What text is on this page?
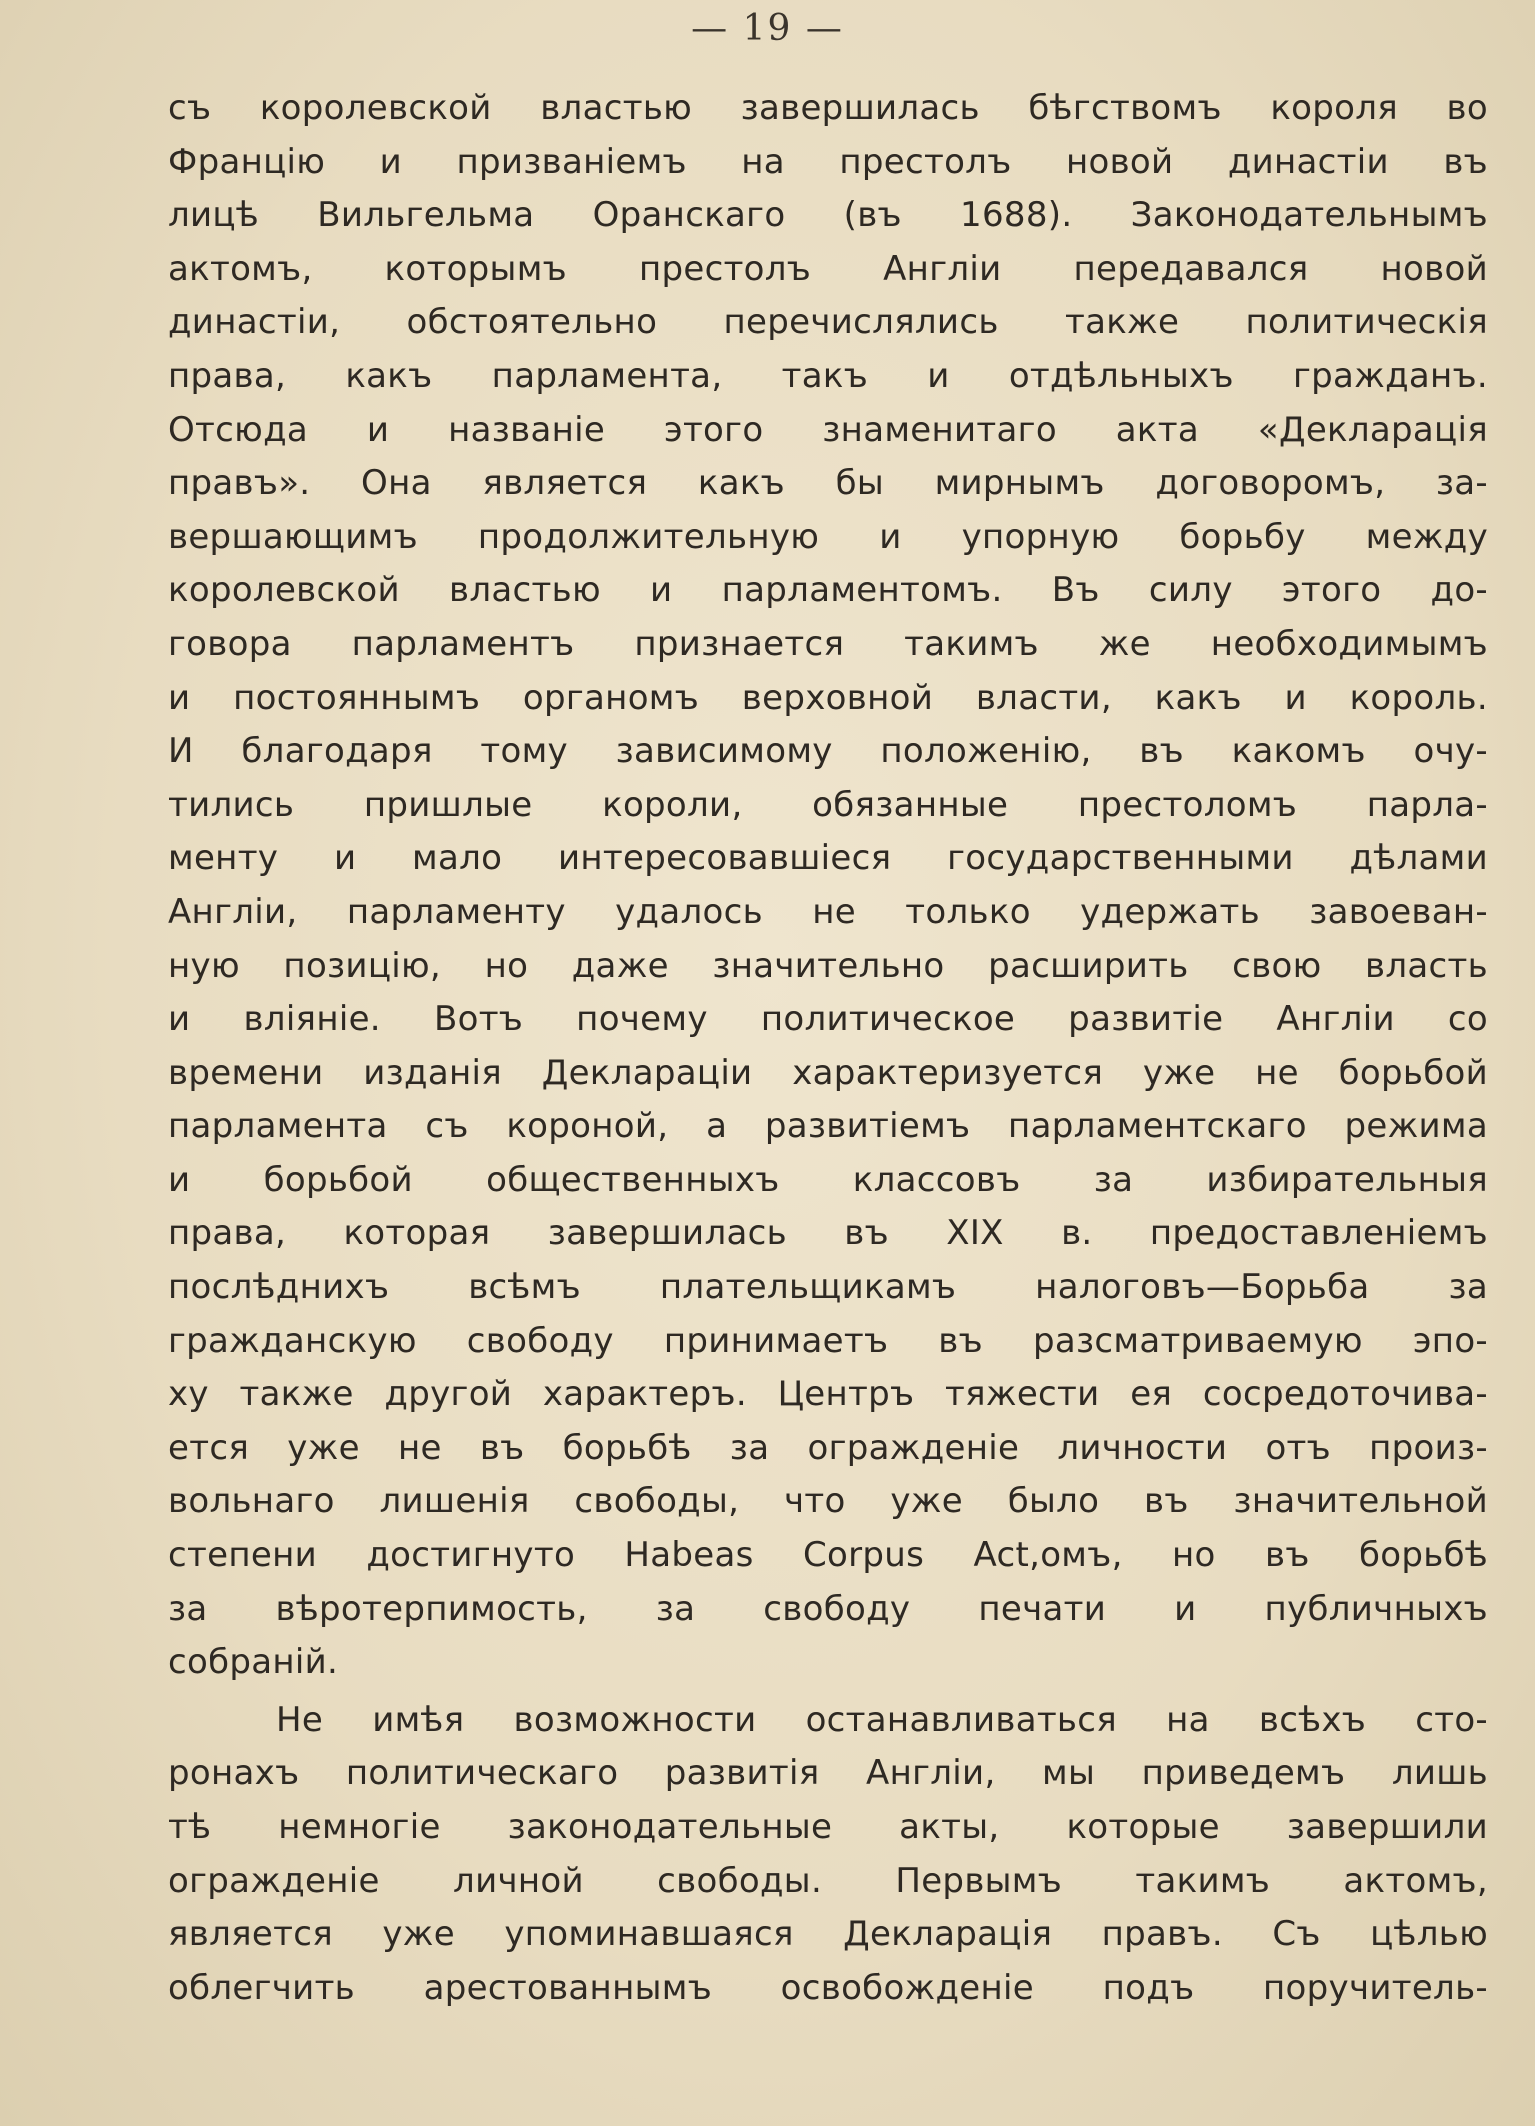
— 19 —
съ королевской властью завершилась бѣгствомъ короля во
Францію и призваніемъ на престолъ новой династіи въ
лицѣ Вильгельма Оранскаго (въ 1688). Законодательнымъ
актомъ, которымъ престолъ Англіи передавался новой
династіи, обстоятельно перечислялись также политическія
права, какъ парламента, такъ и отдѣльныхъ гражданъ.
Отсюда и названіе этого знаменитаго акта «Декларація
правъ». Она является какъ бы мирнымъ договоромъ, за-
вершающимъ продолжительную и упорную борьбу между
королевской властью и парламентомъ. Въ силу этого до-
говора парламентъ признается такимъ же необходимымъ
и постояннымъ органомъ верховной власти, какъ и король.
И благодаря тому зависимому положенію, въ какомъ очу-
тились пришлые короли, обязанные престоломъ парла-
менту и мало интересовавшіеся государственными дѣлами
Англіи, парламенту удалось не только удержать завоеван-
ную позицію, но даже значительно расширить свою власть
и вліяніе. Вотъ почему политическое развитіе Англіи со
времени изданія Деклараціи характеризуется уже не борьбой
парламента съ короной, а развитіемъ парламентскаго режима
и борьбой общественныхъ классовъ за избирательныя
права, которая завершилась въ XIX в. предоставленіемъ
послѣднихъ всѣмъ плательщикамъ налоговъ—Борьба за
гражданскую свободу принимаетъ въ разсматриваемую эпо-
ху также другой характеръ. Центръ тяжести ея сосредоточива-
ется уже не въ борьбѣ за огражденіе личности отъ произ-
вольнаго лишенія свободы, что уже было въ значительной
степени достигнуто Habeas Corpus Act,омъ, но въ борьбѣ
за вѣротерпимость, за свободу печати и публичныхъ
собраній.
Не имѣя возможности останавливаться на всѣхъ сто-
ронахъ политическаго развитія Англіи, мы приведемъ лишь
тѣ немногіе законодательные акты, которые завершили
огражденіе личной свободы. Первымъ такимъ актомъ,
является уже упоминавшаяся Декларація правъ. Съ цѣлью
облегчить арестованнымъ освобожденіе подъ поручитель-
